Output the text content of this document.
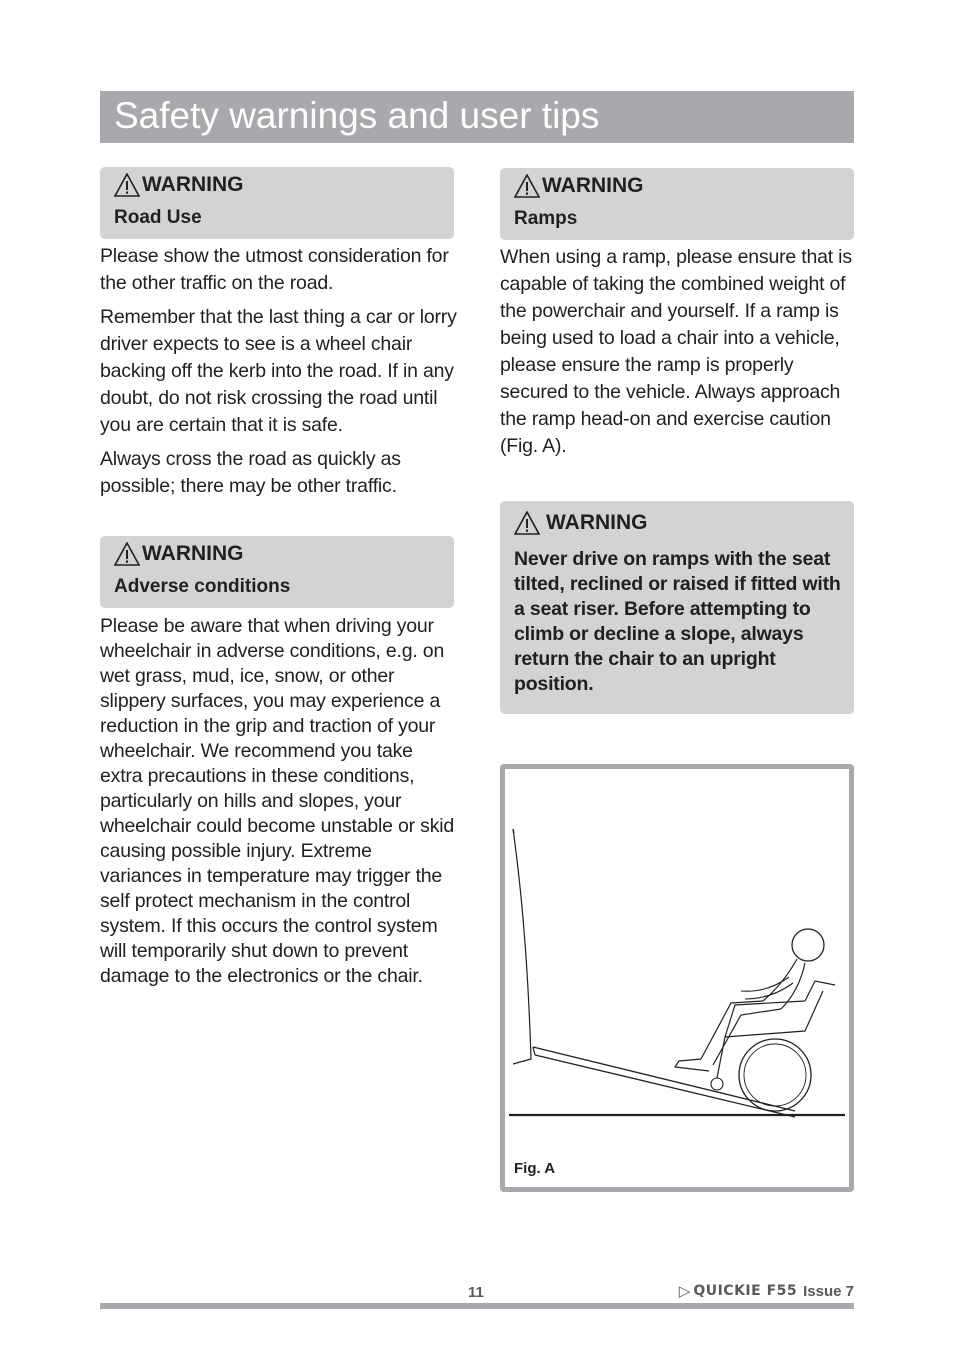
Safety warnings and user tips
WARNING
Road Use

Please show the utmost consideration for the other traffic on the road.

Remember that the last thing a car or lorry driver expects to see is a wheel chair backing off the kerb into the road. If in any doubt, do not risk crossing the road until you are certain that it is safe.

Always cross the road as quickly as possible; there may be other traffic.

WARNING
Adverse conditions
Please be aware that when driving your wheelchair in adverse conditions, e.g. on wet grass, mud, ice, snow, or other slippery surfaces, you may experience a reduction in the grip and traction of your wheelchair. We recommend you take extra precautions in these conditions, particularly on hills and slopes, your wheelchair could become unstable or skid causing possible injury. Extreme variances in temperature may trigger the self protect mechanism in the control system. If this occurs the control system will temporarily shut down to prevent damage to the electronics or the chair.
WARNING
Ramps
When using a ramp, please ensure that is capable of taking the combined weight of the powerchair and yourself. If a ramp is being used to load a chair into a vehicle, please ensure the ramp is properly secured to the vehicle. Always approach the ramp head-on and exercise caution (Fig. A).
WARNING
Never drive on ramps with the seat tilted, reclined or raised if fitted with a seat riser. Before attempting to climb or decline a slope, always return the chair to an upright position.
Fig. A
11	▷ QUICKIE F55 Issue 7
